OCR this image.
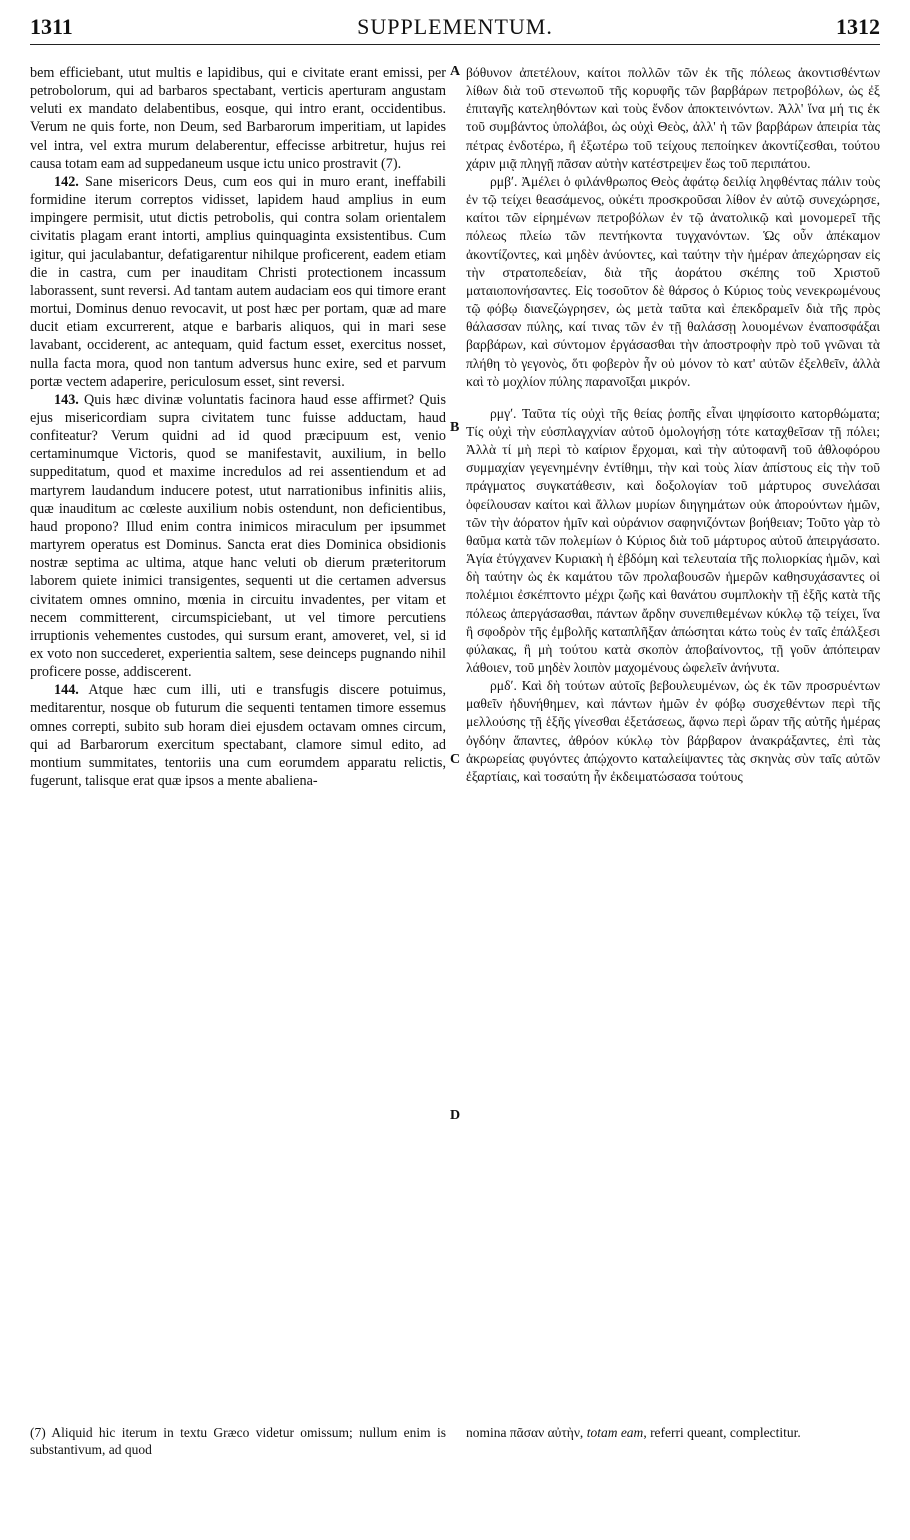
1311	SUPPLEMENTUM.	1312
A
B
C
D

bem efficiebant, utut multis e lapidibus, qui e civitate erant emissi, per petrobolorum, qui ad barbaros spectabant, verticis aperturam angustam veluti ex mandato delabentibus, eosque, qui intro erant, occidentibus. Verum ne quis forte, non Deum, sed Barbarorum imperitiam, ut lapides vel intra, vel extra murum delaberentur, effecisse arbitretur, hujus rei causa totam eam ad suppedaneum usque ictu unico prostravit (7).

142. Sane misericors Deus, cum eos qui in muro erant, ineffabili formidine iterum correptos vidisset, lapidem haud amplius in eum impingere permisit, utut dictis petrobolis, qui contra solam orientalem civitatis plagam erant intorti, amplius quinquaginta exsistentibus. Cum igitur, qui jaculabantur, defatigarentur nihilque proficerent, eadem etiam die in castra, cum per inauditam Christi protectionem incassum laborassent, sunt reversi. Ad tantam autem audaciam eos qui timore erant mortui, Dominus denuo revocavit, ut post hæc per portam, quæ ad mare ducit etiam excurrerent, atque e barbaris aliquos, qui in mari sese lavabant, occiderent, ac antequam, quid factum esset, exercitus nosset, nulla facta mora, quod non tantum adversus hunc exire, sed et parvum portæ vectem adaperire, periculosum esset, sint reversi.

143. Quis hæc divinæ voluntatis facinora haud esse affirmet? Quis ejus misericordiam supra civitatem tunc fuisse adductam, haud confiteatur? Verum quidni ad id quod præcipuum est, venio certaminumque Victoris, quod se manifestavit, auxilium, in bello suppeditatum, quod et maxime incredulos ad rei assentiendum et ad martyrem laudandum inducere potest, utut narrationibus infinitis aliis, quæ inauditum ac cœleste auxilium nobis ostendunt, non deficientibus, haud propono? Illud enim contra inimicos miraculum per ipsummet martyrem operatus est Dominus. Sancta erat dies Dominica obsidionis nostræ septima ac ultima, atque hanc veluti ob dierum præteritorum laborem quiete inimici transigentes, sequenti ut die certamen adversus civitatem omnes omnino, mœnia in circuitu invadentes, per vitam et necem committerent, circumspiciebant, ut vel timore percutiens irruptionis vehementes custodes, qui sursum erant, amoveret, vel, si id ex voto non succederet, experientia saltem, sese deinceps pugnando nihil proficere posse, addiscerent.

144. Atque hæc cum illi, uti e transfugis discere potuimus, meditarentur, nosque ob futurum die sequenti tentamen timore essemus omnes correpti, subito sub horam diei ejusdem octavam omnes circum, qui ad Barbarorum exercitum spectabant, clamore simul edito, ad montium summitates, tentoriis una cum eorumdem apparatu relictis, fugerunt, talisque erat quæ ipsos a mente abaliena-

βόθυνον ἀπετέλουν, καίτοι πολλῶν τῶν ἐκ τῆς πόλεως ἀκοντισθέντων λίθων διὰ τοῦ στενωποῦ τῆς κορυφῆς τῶν βαρβάρων πετροβόλων, ὡς ἐξ ἐπιταγῆς κατεληθόντων καὶ τοὺς ἔνδον ἀποκτεινόντων. Ἀλλ' ἵνα μή τις ἐκ τοῦ συμβάντος ὑπολάβοι, ὡς οὐχὶ Θεὸς, ἀλλ' ἡ τῶν βαρβάρων ἀπειρία τὰς πέτρας ἐνδοτέρω, ἢ ἐξωτέρω τοῦ τείχους πεποίηκεν ἀκοντίζεσθαι, τούτου χάριν μιᾷ πληγῇ πᾶσαν αὐτὴν κατέστρεψεν ἕως τοῦ περιπάτου.

ρμβʹ. Ἀμέλει ὁ φιλάνθρωπος Θεὸς ἀφάτῳ δειλίᾳ ληφθέντας πάλιν τοὺς ἐν τῷ τείχει θεασάμενος, οὐκέτι προσκροῦσαι λίθον ἐν αὐτῷ συνεχώρησε, καίτοι τῶν εἰρημένων πετροβόλων ἐν τῷ ἀνατολικῷ καὶ μονομερεῖ τῆς πόλεως πλείω τῶν πεντήκοντα τυγχανόντων. Ὡς οὖν ἀπέκαμον ἀκοντίζοντες, καὶ μηδὲν ἀνύοντες, καὶ ταύτην τὴν ἡμέραν ἀπεχώρησαν εἰς τὴν στρατοπεδείαν, διὰ τῆς ἀοράτου σκέπης τοῦ Χριστοῦ ματαιοπονήσαντες. Εἰς τοσοῦτον δὲ θάρσος ὁ Κύριος τοὺς νενεκρωμένους τῷ φόβῳ διανεζώγρησεν, ὡς μετὰ ταῦτα καὶ ἐπεκδραμεῖν διὰ τῆς πρὸς θάλασσαν πύλης, καί τινας τῶν ἐν τῇ θαλάσσῃ λουομένων ἐναποσφάξαι βαρβάρων, καὶ σύντομον ἐργάσασθαι τὴν ἀποστροφὴν πρὸ τοῦ γνῶναι τὰ πλήθη τὸ γεγονὸς, ὅτι φοβερὸν ἦν οὐ μόνον τὸ κατ' αὐτῶν ἐξελθεῖν, ἀλλὰ καὶ τὸ μοχλίον πύλης παρανοῖξαι μικρόν.

ρμγʹ. Ταῦτα τίς οὐχὶ τῆς θείας ῥοπῆς εἶναι ψηφίσοιτο κατορθώματα; Τίς οὐχὶ τὴν εὐσπλαγχνίαν αὐτοῦ ὁμολογήσῃ τότε καταχθεῖσαν τῇ πόλει; Ἀλλὰ τί μὴ περὶ τὸ καίριον ἔρχομαι, καὶ τὴν αὐτοφανῆ τοῦ ἀθλοφόρου συμμαχίαν γεγενημένην ἐντίθημι, τὴν καὶ τοὺς λίαν ἀπίστους εἰς τὴν τοῦ πράγματος συγκατάθεσιν, καὶ δοξολογίαν τοῦ μάρτυρος συνελάσαι ὀφείλουσαν καίτοι καὶ ἄλλων μυρίων διηγημάτων οὐκ ἀπορούντων ἡμῶν, τῶν τὴν ἀόρατον ἡμῖν καὶ οὐράνιον σαφηνιζόντων βοήθειαν; Τοῦτο γὰρ τὸ θαῦμα κατὰ τῶν πολεμίων ὁ Κύριος διὰ τοῦ μάρτυρος αὐτοῦ ἀπειργάσατο. Ἁγία ἐτύγχανεν Κυριακὴ ἡ ἑβδόμη καὶ τελευταία τῆς πολιορκίας ἡμῶν, καὶ δὴ ταύτην ὡς ἐκ καμάτου τῶν προλαβουσῶν ἡμερῶν καθησυχάσαντες οἱ πολέμιοι ἐσκέπτοντο μέχρι ζωῆς καὶ θανάτου συμπλοκὴν τῇ ἑξῆς κατὰ τῆς πόλεως ἀπεργάσασθαι, πάντων ἄρδην συνεπιθεμένων κύκλῳ τῷ τείχει, ἵνα ἢ σφοδρὸν τῆς ἐμβολῆς καταπλῆξαν ἀπώσηται κάτω τοὺς ἐν ταῖς ἐπάλξεσι φύλακας, ἢ μὴ τούτου κατὰ σκοπὸν ἀποβαίνοντος, τῇ γοῦν ἀπόπειραν λάθοιεν, τοῦ μηδὲν λοιπὸν μαχομένους ὠφελεῖν ἀνήνυτα.

ρμδʹ. Καὶ δὴ τούτων αὐτοῖς βεβουλευμένων, ὡς ἐκ τῶν προσρυέντων μαθεῖν ἠδυνήθημεν, καὶ πάντων ἡμῶν ἐν φόβῳ συσχεθέντων περὶ τῆς μελλούσης τῇ ἑξῆς γίνεσθαι ἐξετάσεως, ἄφνω περὶ ὥραν τῆς αὐτῆς ἡμέρας ὀγδόην ἅπαντες, ἀθρόον κύκλῳ τὸν βάρβαρον ἀνακράξαντες, ἐπὶ τὰς ἀκρωρείας φυγόντες ἀπῴχοντο καταλείψαντες τὰς σκηνὰς σὺν ταῖς αὐτῶν ἐξαρτίαις, καὶ τοσαύτη ἦν ἐκδειματώσασα τούτους

(7) Aliquid hic iterum in textu Græco videtur omissum; nullum enim is substantivum, ad quod

nomina πᾶσαν αὐτὴν, totam eam, referri queant, complectitur.
